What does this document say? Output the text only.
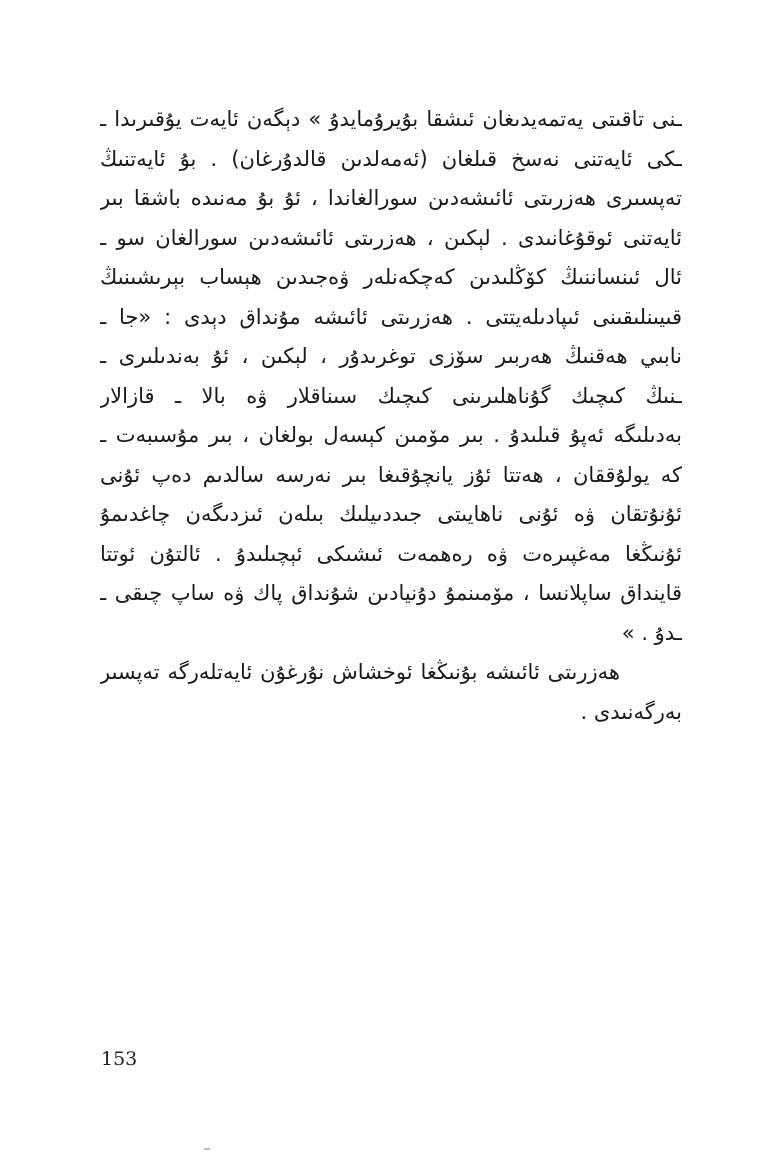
ـنى تاقىتى يەتمەيدىغان ئىشقا بۇيرۇمايدۇ » دېگەن ئايەت يۇقىرىدا ـ
ـكى ئايەتنى نەسخ قىلغان (ئەمەلدىن قالدۇرغان) . بۇ ئايەتنىڭ
تەپسىرى ھەزرىتى ئائىشەدىن سورالغاندا ، ئۇ بۇ مەنىدە باشقا بىر
ئايەتنى ئوقۇغانىدى . لېكىن ، ھەزرىتى ئائىشەدىن سورالغان سو ـ
ئال ئىنساننىڭ كۆڭلىدىن كەچكەنلەر ۋەجىدىن ھېساب بېرىشىنىڭ
قىيىنلىقىنى ئىپادىلەيتتى . ھەزرىتى ئائىشە مۇنداق دېدى : «جا ـ
نابىي ھەقنىڭ ھەربىر سۆزى توغرىدۇر ، لېكىن ، ئۇ بەندىلىرى ـ
ـنىڭ كىچىك گۇناھلىرىنى كىچىك سىناقلار ۋە بالا ـ قازالار
بەدىلىگە ئەپۇ قىلىدۇ . بىر مۆمىن كېسەل بولغان ، بىر مۇسىبەت ـ
كە يولۇققان ، ھەتتا ئۇز يانچۇقىغا بىر نەرسە سالدىم دەپ ئۇنى
ئۇنۇتقان ۋە ئۇنى ناھايىتى جىددىيلىك بىلەن ئىزدىگەن چاغدىمۇ
ئۇنىڭغا مەغپىرەت ۋە رەھمەت ئىشىكى ئېچىلىدۇ . ئالتۇن ئوتتا
قاينداق ساپلانسا ، مۆمىنمۇ دۇنيادىن شۇنداق پاك ۋە ساپ چىقى ـ
ـدۇ . »
ھەزرىتى ئائىشە بۇنىڭغا ئوخشاش نۇرغۇن ئايەتلەرگە تەپسىر
بەرگەنىدى .
153
